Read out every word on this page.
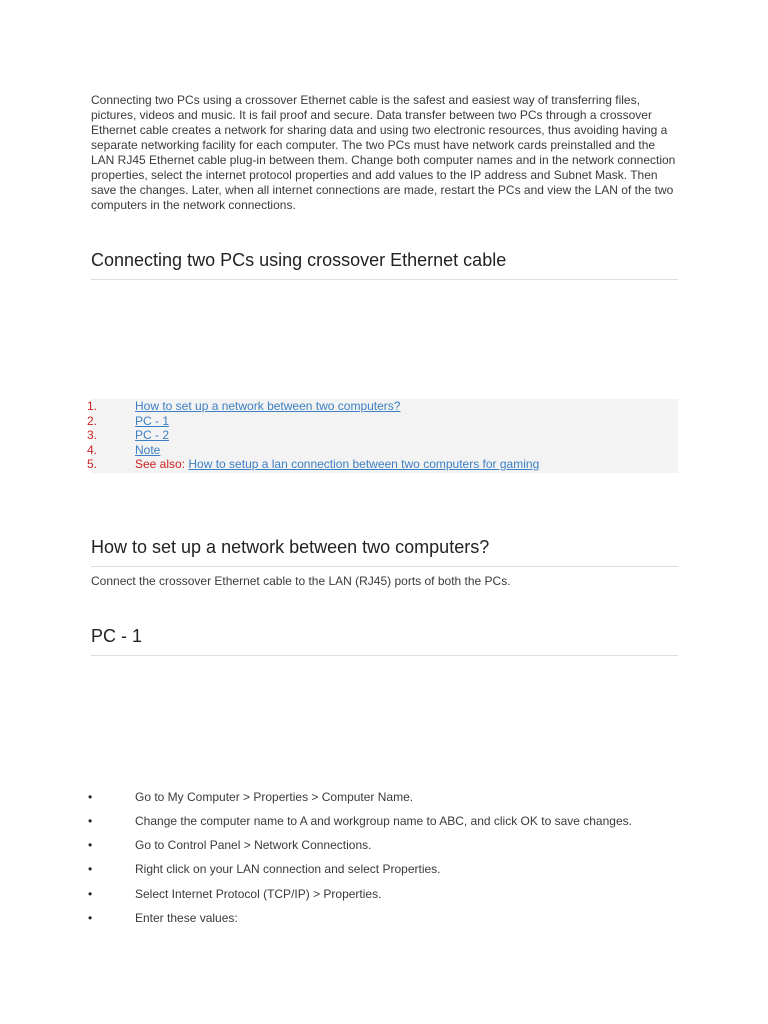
Connecting two PCs using a crossover Ethernet cable is the safest and easiest way of transferring files, pictures, videos and music. It is fail proof and secure. Data transfer between two PCs through a crossover Ethernet cable creates a network for sharing data and using two electronic resources, thus avoiding having a separate networking facility for each computer. The two PCs must have network cards preinstalled and the LAN RJ45 Ethernet cable plug-in between them. Change both computer names and in the network connection properties, select the internet protocol properties and add values to the IP address and Subnet Mask. Then save the changes. Later, when all internet connections are made, restart the PCs and view the LAN of the two computers in the network connections.

Connecting two PCs using crossover Ethernet cable
1.	How to set up a network between two computers?
2.	PC - 1
3.	PC - 2
4.	Note
5.	See also: How to setup a lan connection between two computers for gaming
How to set up a network between two computers?

Connect the crossover Ethernet cable to the LAN (RJ45) ports of both the PCs.

PC - 1
•	Go to My Computer > Properties > Computer Name.
•	Change the computer name to A and workgroup name to ABC, and click OK to save changes.
•	Go to Control Panel > Network Connections.
•	Right click on your LAN connection and select Properties.
•	Select Internet Protocol (TCP/IP) > Properties.
•	Enter these values:
